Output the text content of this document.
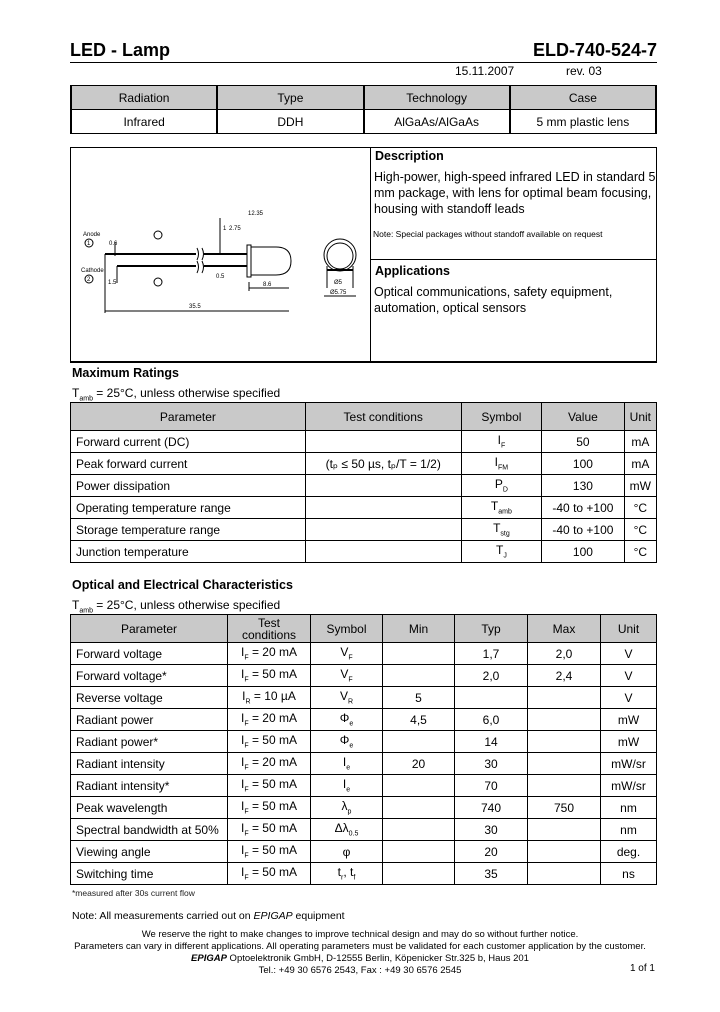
LED - Lamp	ELD-740-524-7
15.11.2007	rev. 03
Radiation	Type	Technology	Case
Infrared	DDH	AlGaAs/AlGaAs	5 mm plastic lens
Anode
1
Cathode
2
0.6
1.5
1 2.75
12.35
0.5
8.6
35.5
Ø5
Ø5.75
Description
High-power, high-speed infrared LED in standard 5 mm package, with lens for optimal beam focusing, housing with standoff leads
Note: Special packages without standoff available on request
Applications
Optical communications, safety equipment, automation, optical sensors
Maximum Ratings
$T_{amb} = 25^\circ C$, unless otherwise specified
Parameter	Test conditions	Symbol	Value	Unit
Forward current (DC)		$I_F$	50	mA
Peak forward current	(tₚ ≤ 50 µs, tₚ/T = 1/2)	$I_{FM}$	100	mA
Power dissipation		$P_D$	130	mW
Operating temperature range		$T_{amb}$	-40 to +100	°C
Storage temperature range		$T_{stg}$	-40 to +100	°C
Junction temperature		$T_J$	100	°C
Optical and Electrical Characteristics
$T_{amb} = 25^\circ C$, unless otherwise specified
Parameter	Test conditions	Symbol	Min	Typ	Max	Unit
Forward voltage	$I_F = 20$ mA	$V_F$		1,7	2,0	V
Forward voltage*	$I_F = 50$ mA	$V_F$		2,0	2,4	V
Reverse voltage	$I_R = 10$ µA	$V_R$	5			V
Radiant power	$I_F = 20$ mA	$\Phi_e$	4,5	6,0		mW
Radiant power*	$I_F = 50$ mA	$\Phi_e$		14		mW
Radiant intensity	$I_F = 20$ mA	$I_e$	20	30		mW/sr
Radiant intensity*	$I_F = 50$ mA	$I_e$		70		mW/sr
Peak wavelength	$I_F = 50$ mA	$\lambda_p$		740	750	nm
Spectral bandwidth at 50%	$I_F = 50$ mA	$\Delta\lambda_{0.5}$		30		nm
Viewing angle	$I_F = 50$ mA	φ		20		deg.
Switching time	$I_F = 50$ mA	$t_r$, $t_f$		35		ns
*measured after 30s current flow
Note: All measurements carried out on EPIGAP equipment
We reserve the right to make changes to improve technical design and may do so without further notice.
Parameters can vary in different applications. All operating parameters must be validated for each customer application by the customer.
EPIGAP Optoelektronik GmbH, D-12555 Berlin, Köpenicker Str.325 b, Haus 201
Tel.: +49 30 6576 2543, Fax : +49 30 6576 2545	1 of 1
